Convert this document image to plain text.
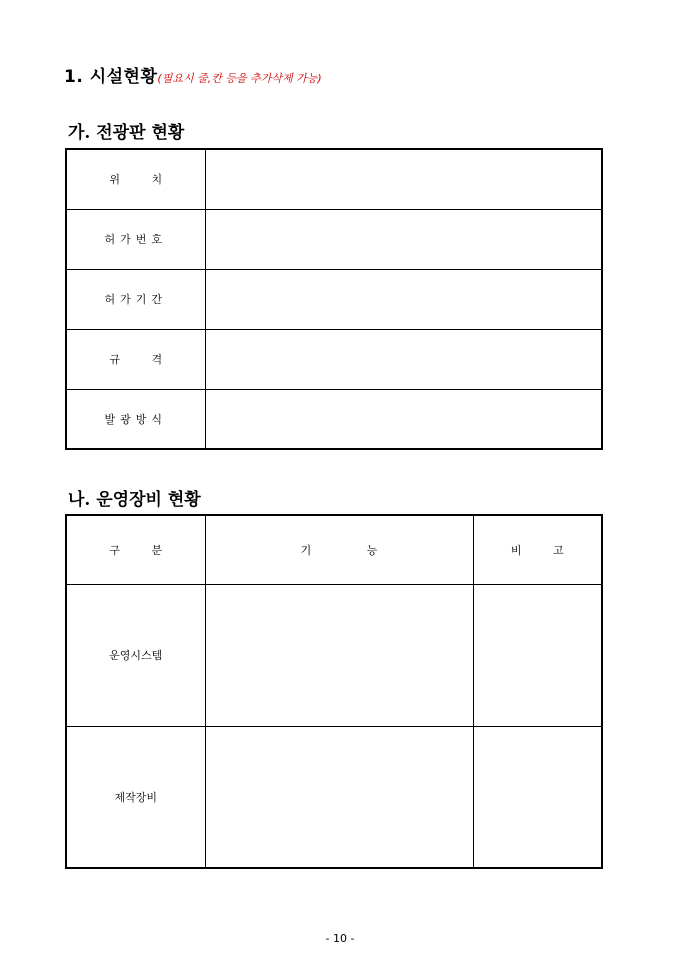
1. 시설현황(필요시 줄,칸 등을 추가삭제 가능)
가. 전광판 현황
위 치	
허가번호	
허가기간	
규 격	
발광방식	
나. 운영장비 현황
구 분	기 능	비 고
운영시스템		
제작장비		
- 10 -
